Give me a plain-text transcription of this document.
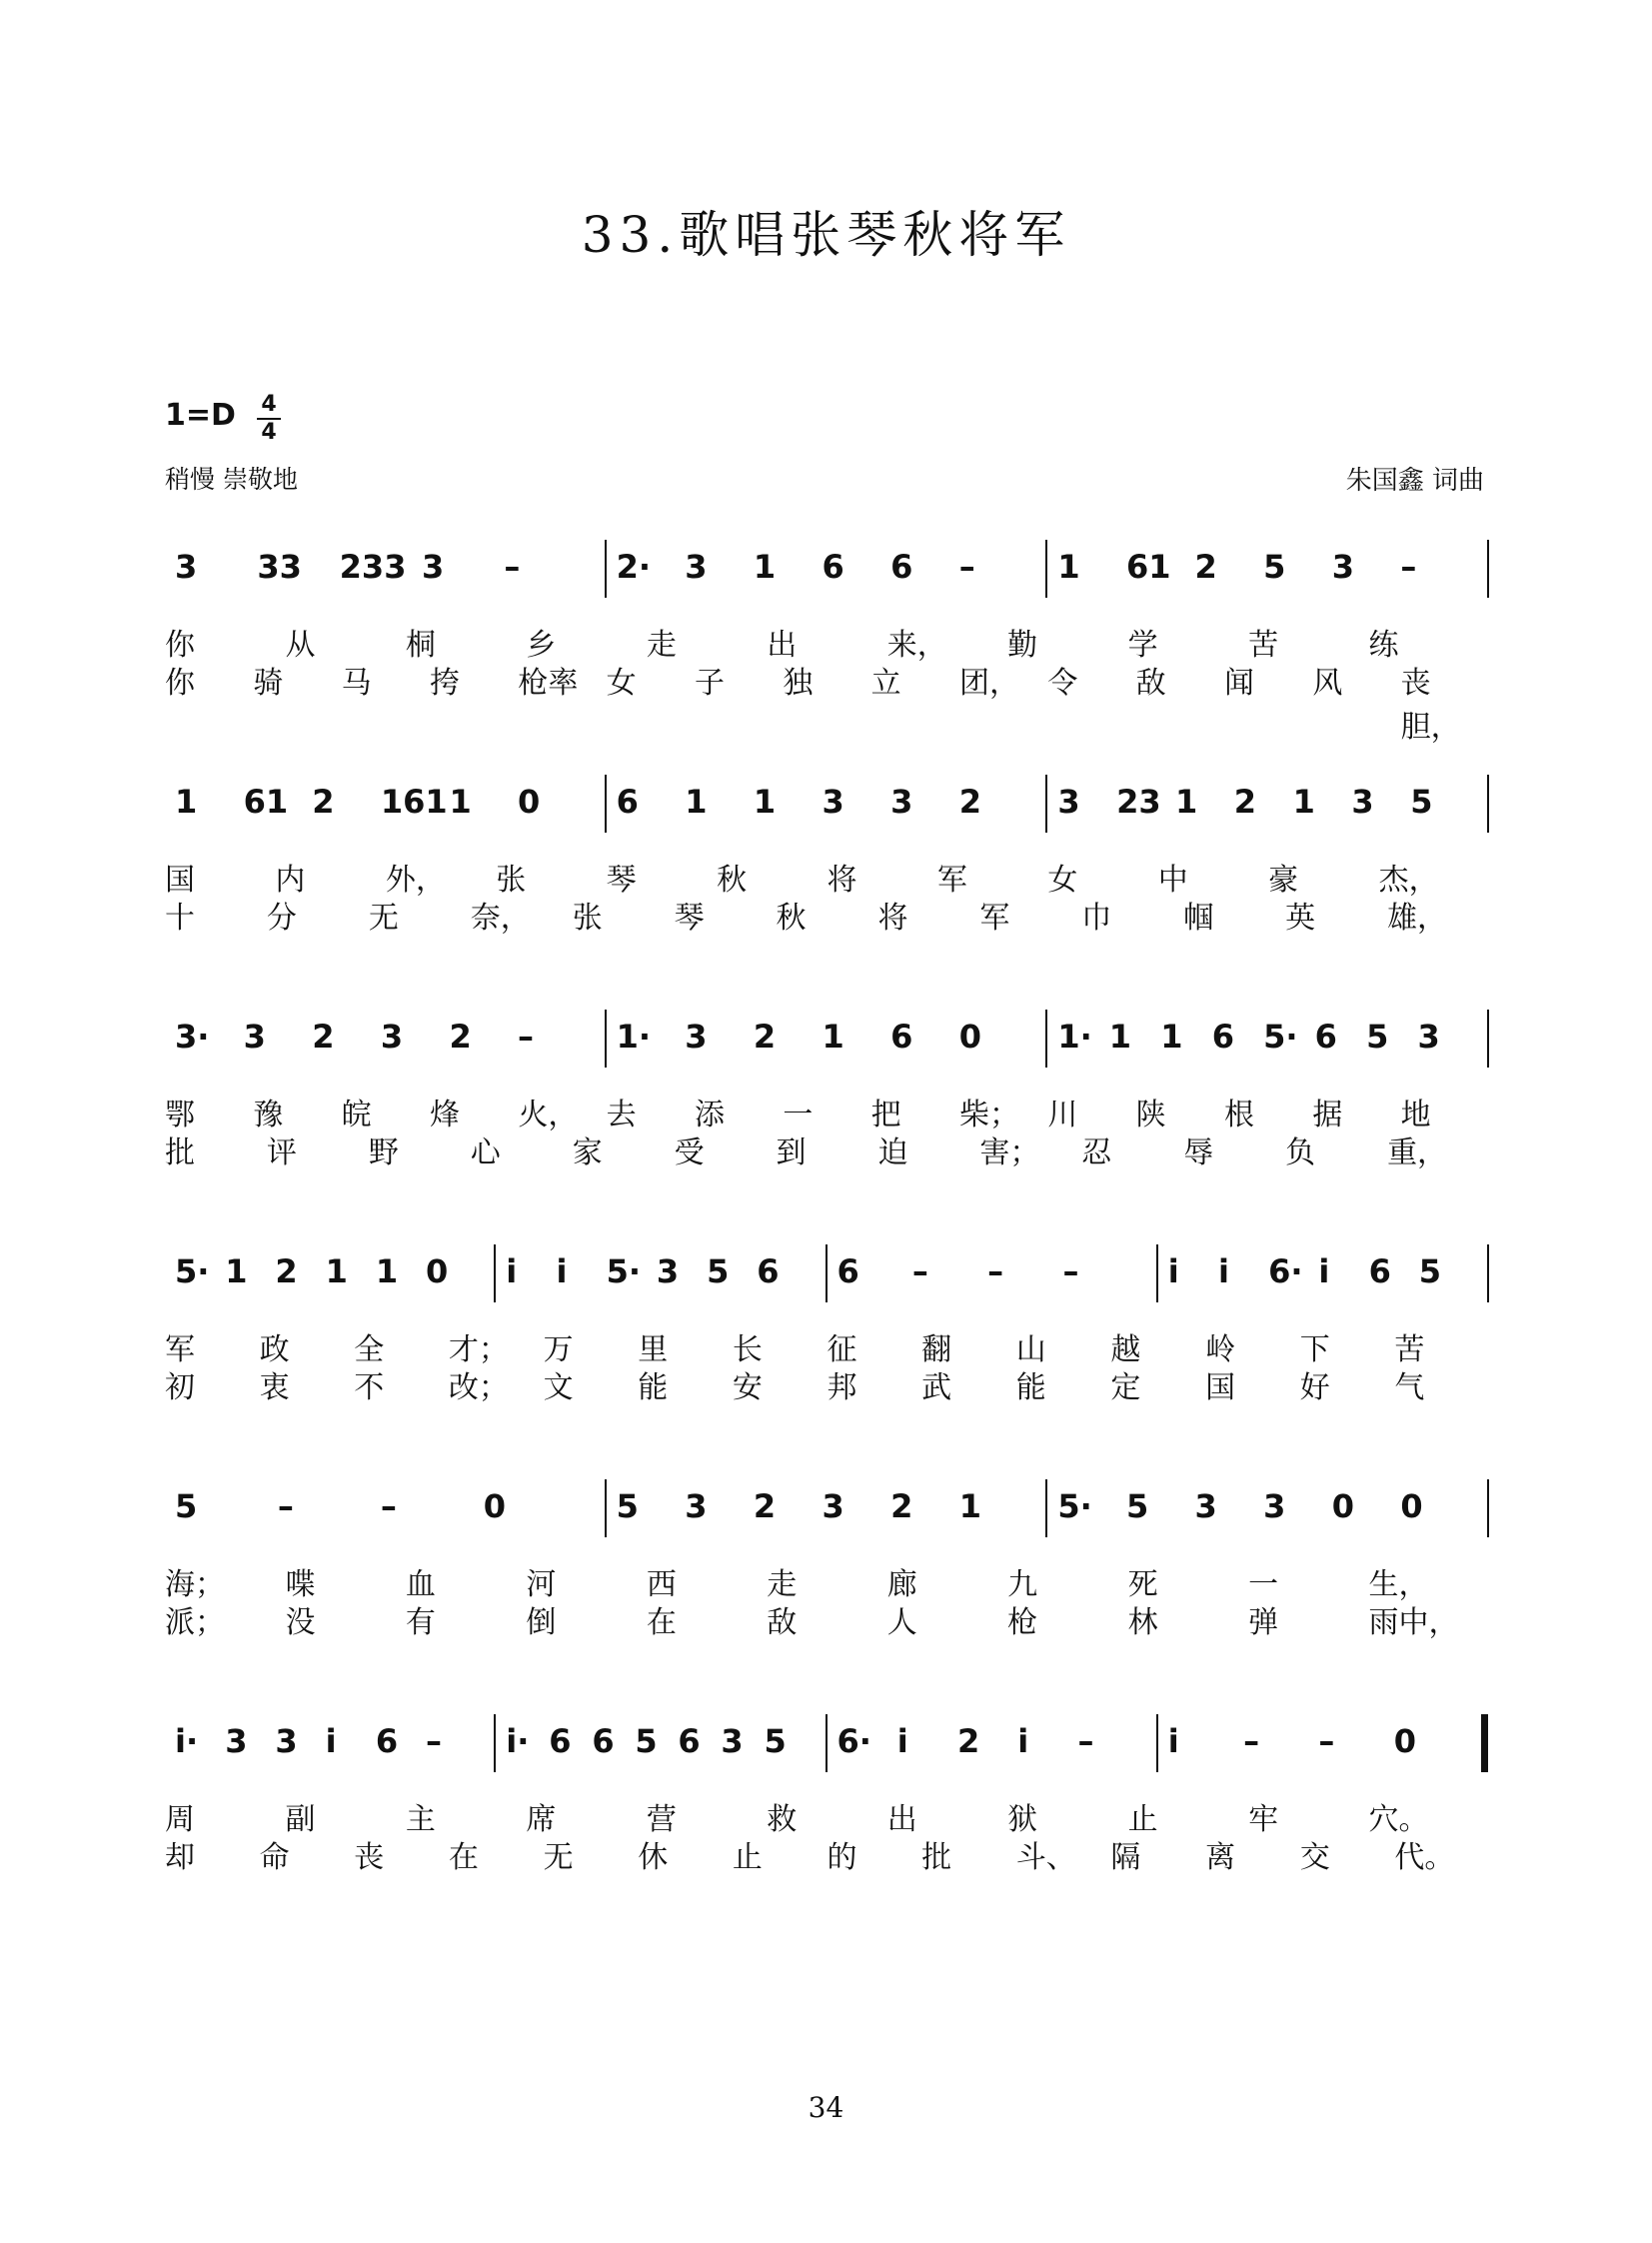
33.歌唱张琴秋将军
1=D 4
4
稍慢 崇敬地	朱国鑫 词曲
3 33 233 3 –	2· 3 1 6 6 –	1 61 2 5 3 –
你	从	桐	乡	走	出	来， 勤	学	苦	练
你 骑 马 挎 枪率 女 子 独 立 团， 令 敌 闻 风 丧胆，
1 61 2 161 1 0 6 1 1 3 3 2 3 23 1 2 1 3 5
国	内	外， 张	琴	秋	将	军	女	中	豪	杰，
十 分 无 奈， 张 琴 秋 将 军 巾 帼 英 雄，
3· 3 2 3 2 –	1· 3 2 1 6 0 1· 1 1 6 5· 6 5 3
鄂 豫 皖 烽 火， 去 添 一 把 柴； 川 陕 根 据 地
批 评 野 心 家 受 到 迫 害； 忍 辱 负 重，
5· 1 2 1 1 0 i i 5· 3 5 6 6 – – –	i i 6· i 6 5
军 政 全 才； 万 里 长 征 翻 山 越 岭 下 苦
初 衷 不 改； 文 能 安 邦 武 能 定 国 好 气
5	–	–	0	5 3 2 3 2 1 5· 5 3 3 0 0
海； 喋	血	河	西	走	廊	九	死	一	生，
派； 没	有	倒	在	敌	人	枪	林	弹	雨中，
i· 3 3 i 6 – i· 6 6 5 6 3 5 6· i 2 i – i – – 0
周	副	主	席	营	救	出	狱	止	牢	穴。
却 命 丧 在 无 休 止 的 批 斗、 隔 离 交 代。
34
